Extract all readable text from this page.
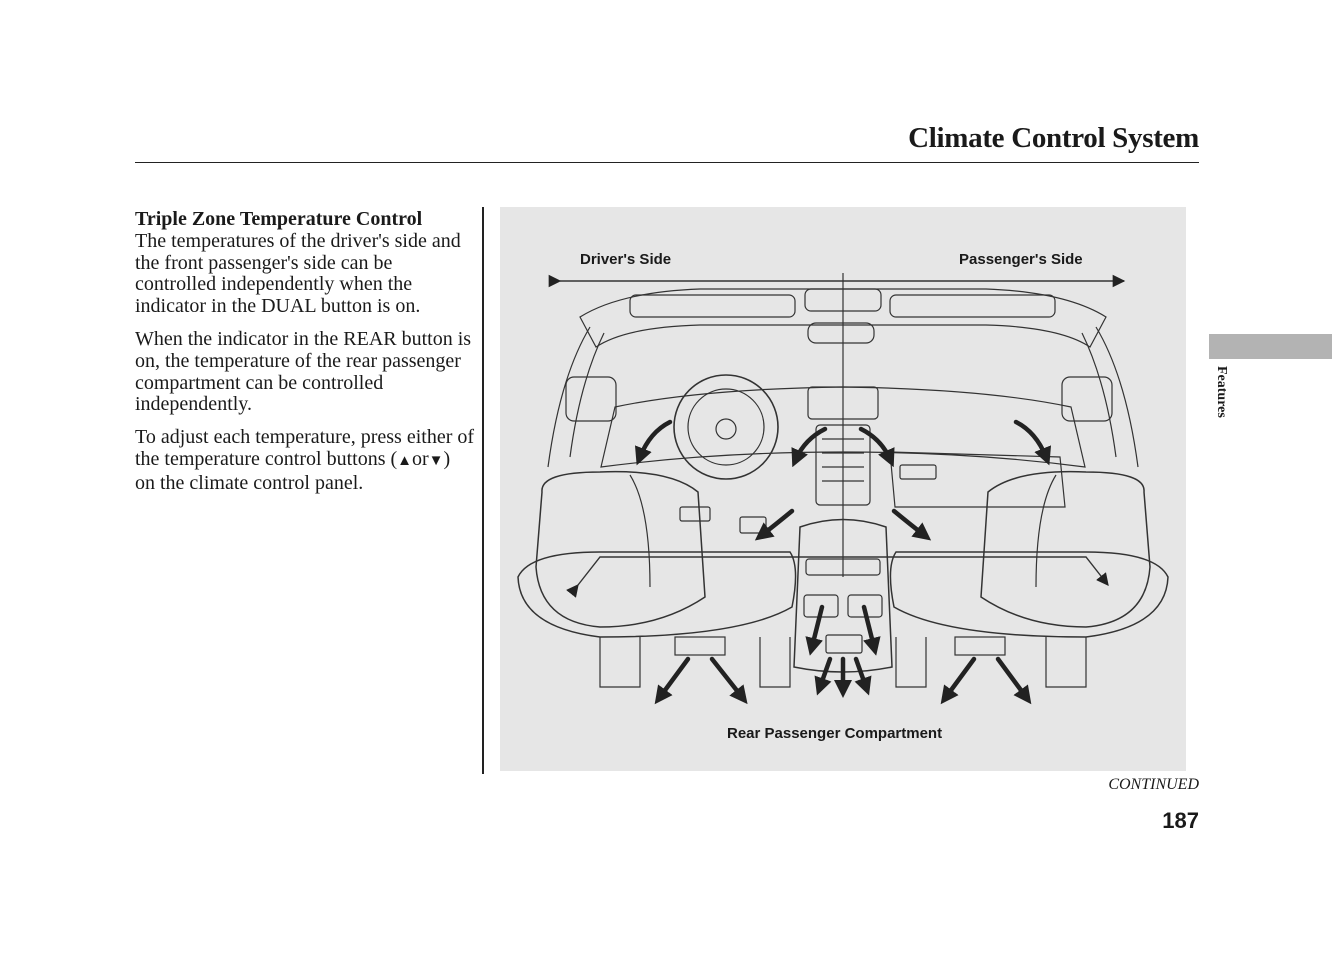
Climate Control System

Triple Zone Temperature Control
The temperatures of the driver's side and the front passenger's side can be controlled independently when the indicator in the DUAL button is on.

When the indicator in the REAR button is on, the temperature of the rear passenger compartment can be controlled independently.

To adjust each temperature, press either of the temperature control buttons (▲or▼) on the climate control panel.

Driver's Side	Passenger's Side
Rear Passenger Compartment
Features
CONTINUED
187
